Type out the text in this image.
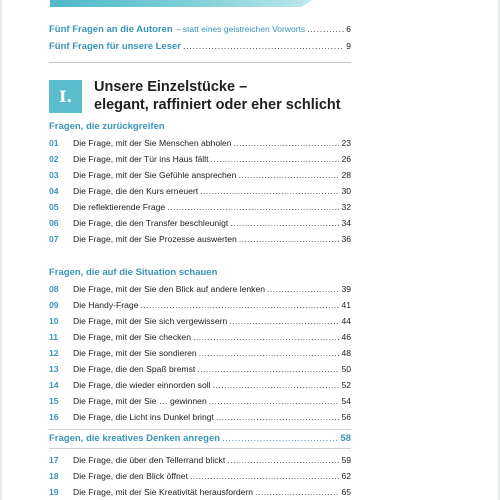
Fünf Fragen an die Autoren – statt eines geistreichen Vorworts .....	6
Fünf Fragen für unsere Leser .....	9
I.	Unsere Einzelstücke –
elegant, raffiniert oder eher schlicht
Fragen, die zurückgreifen
01	Die Frage, mit der Sie Menschen abholen .....	23
02	Die Frage, mit der Tür ins Haus fällt .....	26
03	Die Frage, mit der Sie Gefühle ansprechen .....	28
04	Die Frage, die den Kurs erneuert .....	30
05	Die reflektierende Frage .....	32
06	Die Frage, die den Transfer beschleunigt .....	34
07	Die Frage, mit der Sie Prozesse auswerten .....	36
Fragen, die auf die Situation schauen
08	Die Frage, mit der Sie den Blick auf andere lenken .....	39
09	Die Handy-Frage .....	41
10	Die Frage, mit der Sie sich vergewissern .....	44
11	Die Frage, mit der Sie checken .....	46
12	Die Frage, mit der Sie sondieren .....	48
13	Die Frage, die den Spaß bremst .....	50
14	Die Frage, die wieder einnorden soll .....	52
15	Die Frage, mit der Sie … gewinnen .....	54
16	Die Frage, die Licht ins Dunkel bringt .....	56
Fragen, die kreatives Denken anregen .....	58
17	Die Frage, die über den Tellerrand blickt .....	59
18	Die Frage, die den Blick öffnet .....	62
19	Die Frage, mit der Sie Kreativität herausfordern .....	65
